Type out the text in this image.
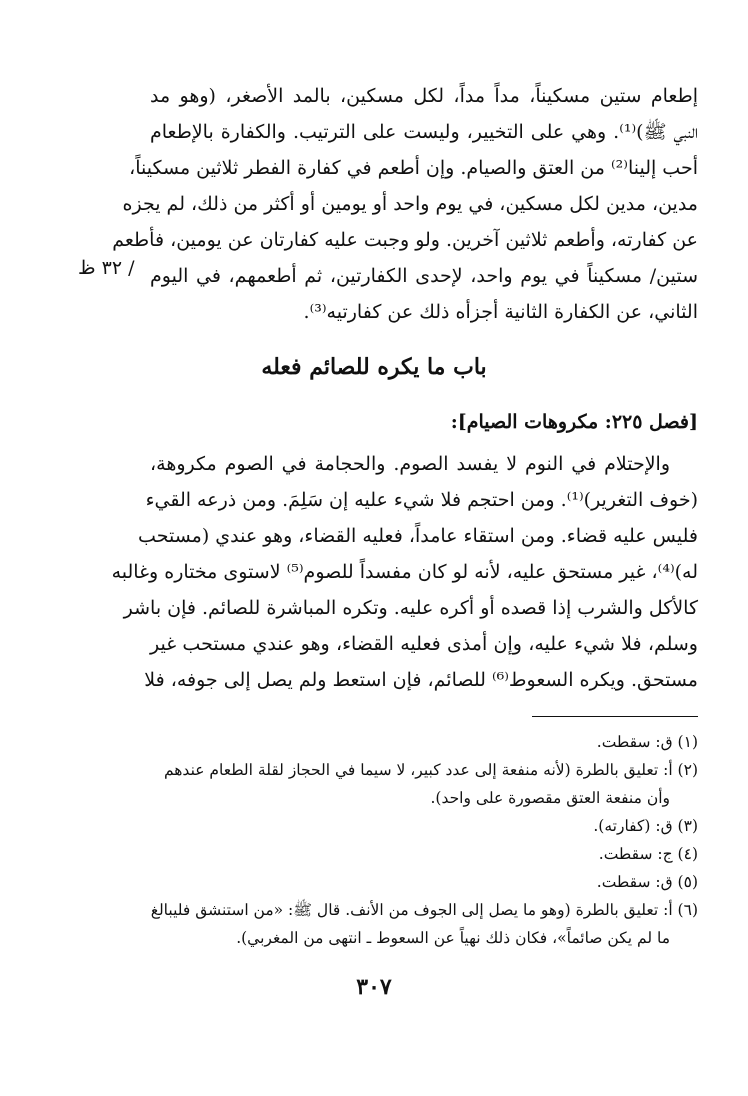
إطعام ستين مسكيناً، مداً مداً، لكل مسكين، بالمد الأصغر، (وهو مد
النبي ﷺ)⁽¹⁾. وهي على التخيير، وليست على الترتيب. والكفارة بالإطعام
أحب إلينا⁽²⁾ من العتق والصيام. وإن أطعم في كفارة الفطر ثلاثين مسكيناً،
مدين، مدين لكل مسكين، في يوم واحد أو يومين أو أكثر من ذلك، لم يجزه
عن كفارته، وأطعم ثلاثين آخرين. ولو وجبت عليه كفارتان عن يومين، فأطعم
ستين/ مسكيناً في يوم واحد، لإحدى الكفارتين، ثم أطعمهم، في اليوم
الثاني، عن الكفارة الثانية أجزأه ذلك عن كفارتيه⁽³⁾.
/ ٣٢ ظ
باب ما يكره للصائم فعله
[فصل ٢٢٥: مكروهات الصيام]:
والإحتلام في النوم لا يفسد الصوم. والحجامة في الصوم مكروهة،
(خوف التغرير)⁽¹⁾. ومن احتجم فلا شيء عليه إن سَلِمَ. ومن ذرعه القيء
فليس عليه قضاء. ومن استقاء عامداً، فعليه القضاء، وهو عندي (مستحب
له)⁽⁴⁾، غير مستحق عليه، لأنه لو كان مفسداً للصوم⁽⁵⁾ لاستوى مختاره وغالبه
كالأكل والشرب إذا قصده أو أكره عليه. وتكره المباشرة للصائم. فإن باشر
وسلم، فلا شيء عليه، وإن أمذى فعليه القضاء، وهو عندي مستحب غير
مستحق. ويكره السعوط⁽⁶⁾ للصائم، فإن استعط ولم يصل إلى جوفه، فلا
(١) ق: سقطت.
(٢) أ: تعليق بالطرة (لأنه منفعة إلى عدد كبير، لا سيما في الحجاز لقلة الطعام عندهم
وأن منفعة العتق مقصورة على واحد).
(٣) ق: (كفارته).
(٤) ج: سقطت.
(٥) ق: سقطت.
(٦) أ: تعليق بالطرة (وهو ما يصل إلى الجوف من الأنف. قال ﷺ: «من استنشق فليبالغ
ما لم يكن صائماً»، فكان ذلك نهياً عن السعوط ـ انتهى من المغربي).
٣٠٧
